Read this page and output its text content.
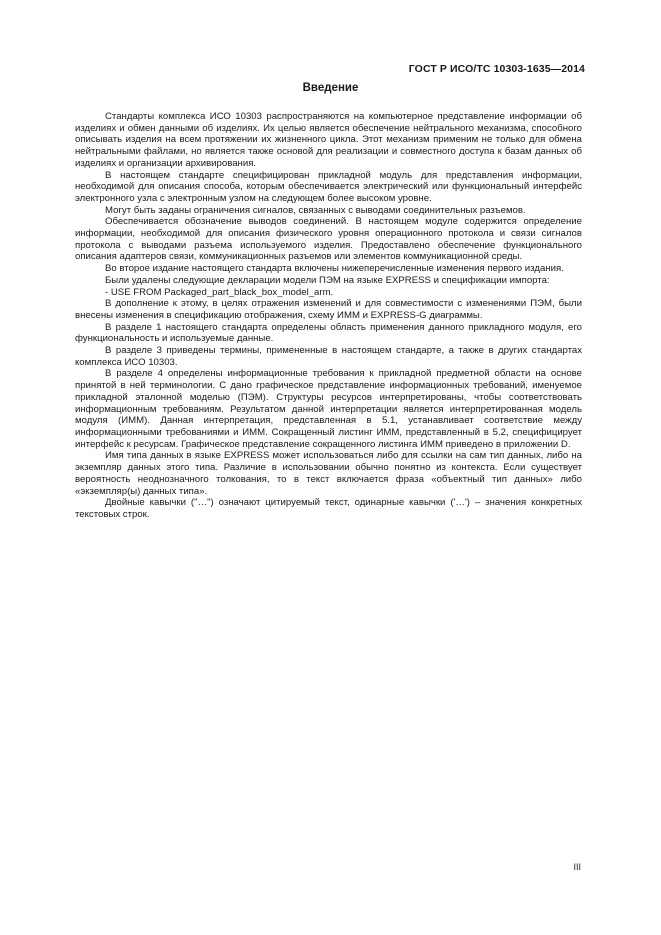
ГОСТ Р ИСО/ТС 10303-1635—2014
Введение

Стандарты комплекса ИСО 10303 распространяются на компьютерное представление информации об изделиях и обмен данными об изделиях. Их целью является обеспечение нейтрального механизма, способного описывать изделия на всем протяжении их жизненного цикла. Этот механизм применим не только для обмена нейтральными файлами, но является также основой для реализации и совместного доступа к базам данных об изделиях и организации архивирования.

В настоящем стандарте специфицирован прикладной модуль для представления информации, необходимой для описания способа, которым обеспечивается электрический или функциональный интерфейс электронного узла с электронным узлом на следующем более высоком уровне.

Могут быть заданы ограничения сигналов, связанных с выводами соединительных разъемов.

Обеспечивается обозначение выводов соединений. В настоящем модуле содержится определение информации, необходимой для описания физического уровня операционного протокола и связи сигналов протокола с выводами разъема используемого изделия. Предоставлено обеспечение функционального описания адаптеров связи, коммуникационных разъемов или элементов коммуникационной среды.

Во второе издание настоящего стандарта включены нижеперечисленные изменения первого издания.

Были удалены следующие декларации модели ПЭМ на языке EXPRESS и спецификации импорта:

- USE FROM Packaged_part_black_box_model_arm.

В дополнение к этому, в целях отражения изменений и для совместимости с изменениями ПЭМ, были внесены изменения в спецификацию отображения, схему ИММ и EXPRESS-G диаграммы.

В разделе 1 настоящего стандарта определены область применения данного прикладного модуля, его функциональность и используемые данные.

В разделе 3 приведены термины, примененные в настоящем стандарте, а также в других стандартах комплекса ИСО 10303.

В разделе 4 определены информационные требования к прикладной предметной области на основе принятой в ней терминологии. С дано графическое представление информационных требований, именуемое прикладной эталонной моделью (ПЭМ). Структуры ресурсов интерпретированы, чтобы соответствовать информационным требованиям. Результатом данной интерпретации является интерпретированная модель модуля (ИММ). Данная интерпретация, представленная в 5.1, устанавливает соответствие между информационными требованиями и ИММ. Сокращенный листинг ИММ, представленный в 5.2, специфицирует интерфейс к ресурсам. Графическое представление сокращенного листинга ИММ приведено в приложении D.

Имя типа данных в языке EXPRESS может использоваться либо для ссылки на сам тип данных, либо на экземпляр данных этого типа. Различие в использовании обычно понятно из контекста. Если существует вероятность неоднозначного толкования, то в текст включается фраза «объектный тип данных» либо «экземпляр(ы) данных типа».

Двойные кавычки ("…") означают цитируемый текст, одинарные кавычки ('…') – значения конкретных текстовых строк.

III
